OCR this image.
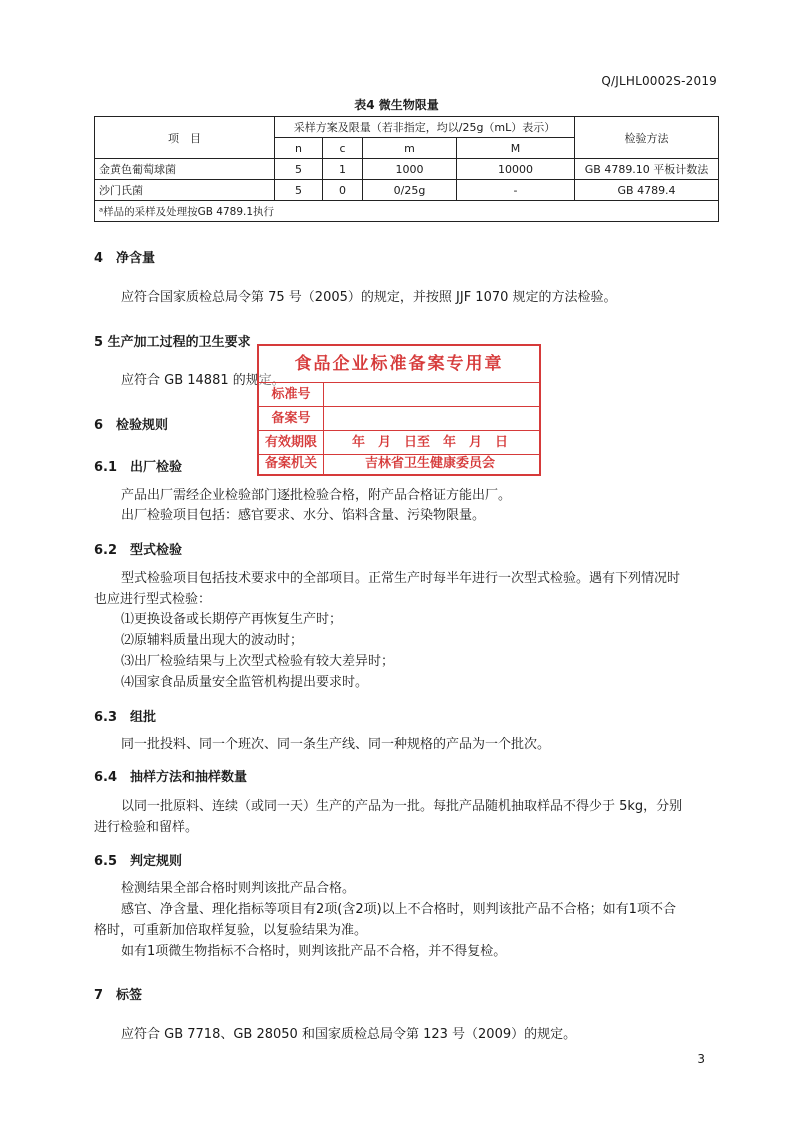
Q/JLHL0002S-2019
表4 微生物限量
项　目	采样方案及限量（若非指定，均以/25g（mL）表示）				检验方法
	n	c	m	M	
金黄色葡萄球菌	5	1	1000	10000	GB 4789.10 平板计数法
沙门氏菌	5	0	0/25g	-	GB 4789.4
ᵃ样品的采样及处理按GB 4789.1执行					
4　净含量
应符合国家质检总局令第 75 号（2005）的规定，并按照 JJF 1070 规定的方法检验。
5 生产加工过程的卫生要求
应符合 GB 14881 的规定。
6　检验规则
6.1　出厂检验
产品出厂需经企业检验部门逐批检验合格，附产品合格证方能出厂。
出厂检验项目包括：感官要求、水分、馅料含量、污染物限量。
6.2　型式检验
型式检验项目包括技术要求中的全部项目。正常生产时每半年进行一次型式检验。遇有下列情况时
也应进行型式检验：
⑴更换设备或长期停产再恢复生产时；
⑵原辅料质量出现大的波动时；
⑶出厂检验结果与上次型式检验有较大差异时；
⑷国家食品质量安全监管机构提出要求时。
6.3　组批
同一批投料、同一个班次、同一条生产线、同一种规格的产品为一个批次。
6.4　抽样方法和抽样数量
以同一批原料、连续（或同一天）生产的产品为一批。每批产品随机抽取样品不得少于 5kg，分别
进行检验和留样。
6.5　判定规则
检测结果全部合格时则判该批产品合格。
感官、净含量、理化指标等项目有2项(含2项)以上不合格时，则判该批产品不合格；如有1项不合
格时，可重新加倍取样复验，以复验结果为准。
如有1项微生物指标不合格时，则判该批产品不合格，并不得复检。
7　标签
应符合 GB 7718、GB 28050 和国家质检总局令第 123 号（2009）的规定。
食品企业标准备案专用章
标准号
备案号
有效期限	年　月　日至　年　月　日
备案机关	吉林省卫生健康委员会
3
